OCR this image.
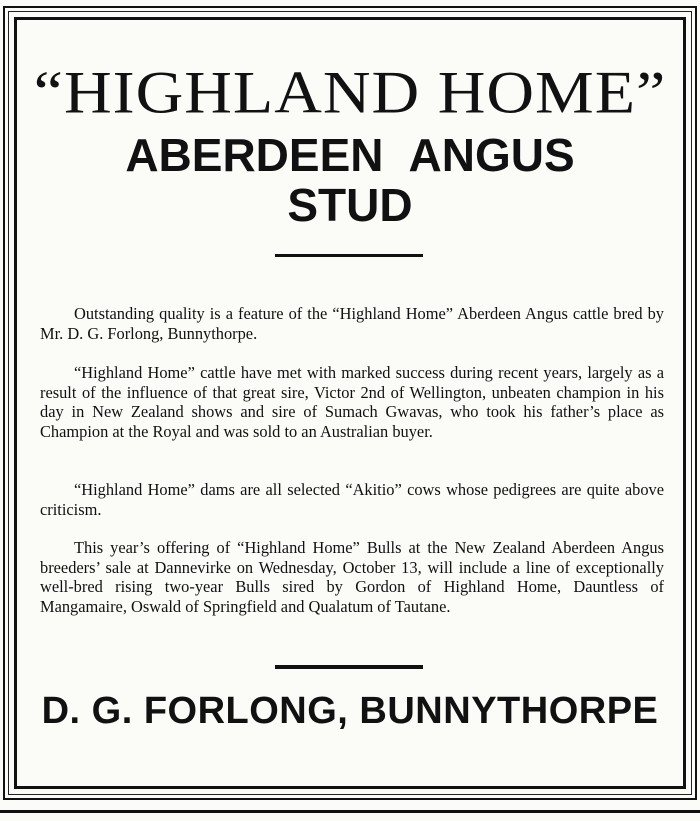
“HIGHLAND HOME”
ABERDEEN ANGUS
STUD
Outstanding quality is a feature of the “Highland Home” Aberdeen Angus cattle bred by Mr. D. G. Forlong, Bunnythorpe.
“Highland Home” cattle have met with marked success during recent years, largely as a result of the influence of that great sire, Victor 2nd of Wellington, unbeaten champion in his day in New Zealand shows and sire of Sumach Gwavas, who took his father’s place as Champion at the Royal and was sold to an Australian buyer.
“Highland Home” dams are all selected “Akitio” cows whose pedigrees are quite above criticism.
This year’s offering of “Highland Home” Bulls at the New Zealand Aberdeen Angus breeders’ sale at Dannevirke on Wednesday, October 13, will include a line of exceptionally well-bred rising two-year Bulls sired by Gordon of Highland Home, Dauntless of Mangamaire, Oswald of Springfield and Qualatum of Tautane.
D. G. FORLONG, BUNNYTHORPE
